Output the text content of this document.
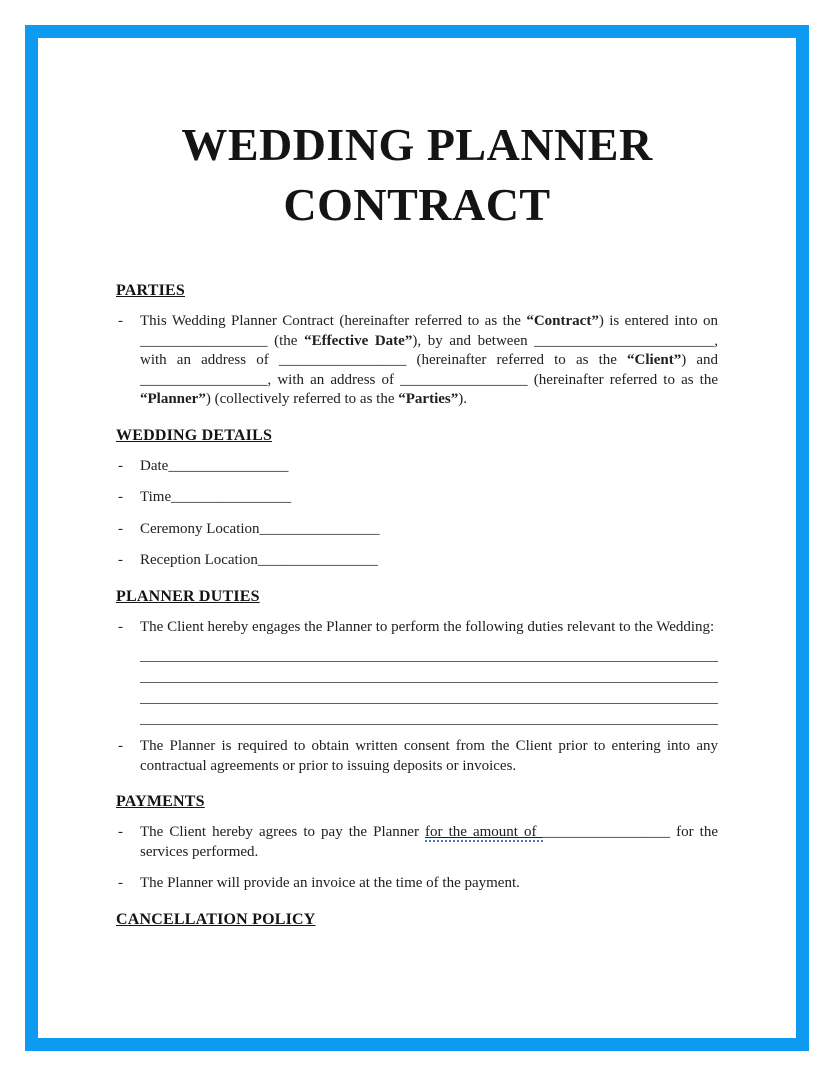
WEDDING PLANNER
CONTRACT
PARTIES
- This Wedding Planner Contract (hereinafter referred to as the “Contract”) is entered into on _________________ (the “Effective Date”), by and between ________________________, with an address of _________________ (hereinafter referred to as the “Client”) and _________________, with an address of _________________ (hereinafter referred to as the “Planner”) (collectively referred to as the “Parties”).
WEDDING DETAILS
- Date________________
- Time________________
- Ceremony Location________________
- Reception Location________________
PLANNER DUTIES
- The Client hereby engages the Planner to perform the following duties relevant to the Wedding:
- The Planner is required to obtain written consent from the Client prior to entering into any contractual agreements or prior to issuing deposits or invoices.
PAYMENTS
- The Client hereby agrees to pay the Planner for the amount of _________________ for the services performed.
- The Planner will provide an invoice at the time of the payment.
CANCELLATION POLICY
